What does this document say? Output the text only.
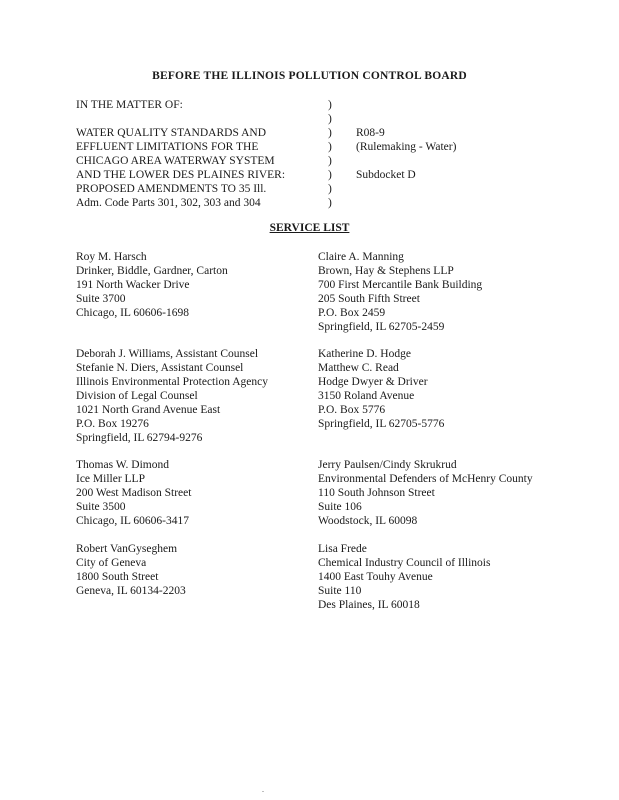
BEFORE THE ILLINOIS POLLUTION CONTROL BOARD
IN THE MATTER OF:	)
)
WATER QUALITY STANDARDS AND	) R08-9
EFFLUENT LIMITATIONS FOR THE	) (Rulemaking - Water)
CHICAGO AREA WATERWAY SYSTEM	)
AND THE LOWER DES PLAINES RIVER:	) Subdocket D
PROPOSED AMENDMENTS TO 35 Ill.	)
Adm. Code Parts 301, 302, 303 and 304	)
SERVICE LIST
Roy M. Harsch
Drinker, Biddle, Gardner, Carton
191 North Wacker Drive
Suite 3700
Chicago, IL 60606-1698
Claire A. Manning
Brown, Hay & Stephens LLP
700 First Mercantile Bank Building
205 South Fifth Street
P.O. Box 2459
Springfield, IL 62705-2459
Deborah J. Williams, Assistant Counsel
Stefanie N. Diers, Assistant Counsel
Illinois Environmental Protection Agency
Division of Legal Counsel
1021 North Grand Avenue East
P.O. Box 19276
Springfield, IL 62794-9276
Katherine D. Hodge
Matthew C. Read
Hodge Dwyer & Driver
3150 Roland Avenue
P.O. Box 5776
Springfield, IL 62705-5776
Thomas W. Dimond
Ice Miller LLP
200 West Madison Street
Suite 3500
Chicago, IL 60606-3417
Jerry Paulsen/Cindy Skrukrud
Environmental Defenders of McHenry County
110 South Johnson Street
Suite 106
Woodstock, IL 60098
Robert VanGyseghem
City of Geneva
1800 South Street
Geneva, IL 60134-2203
Lisa Frede
Chemical Industry Council of Illinois
1400 East Touhy Avenue
Suite 110
Des Plaines, IL 60018
.
